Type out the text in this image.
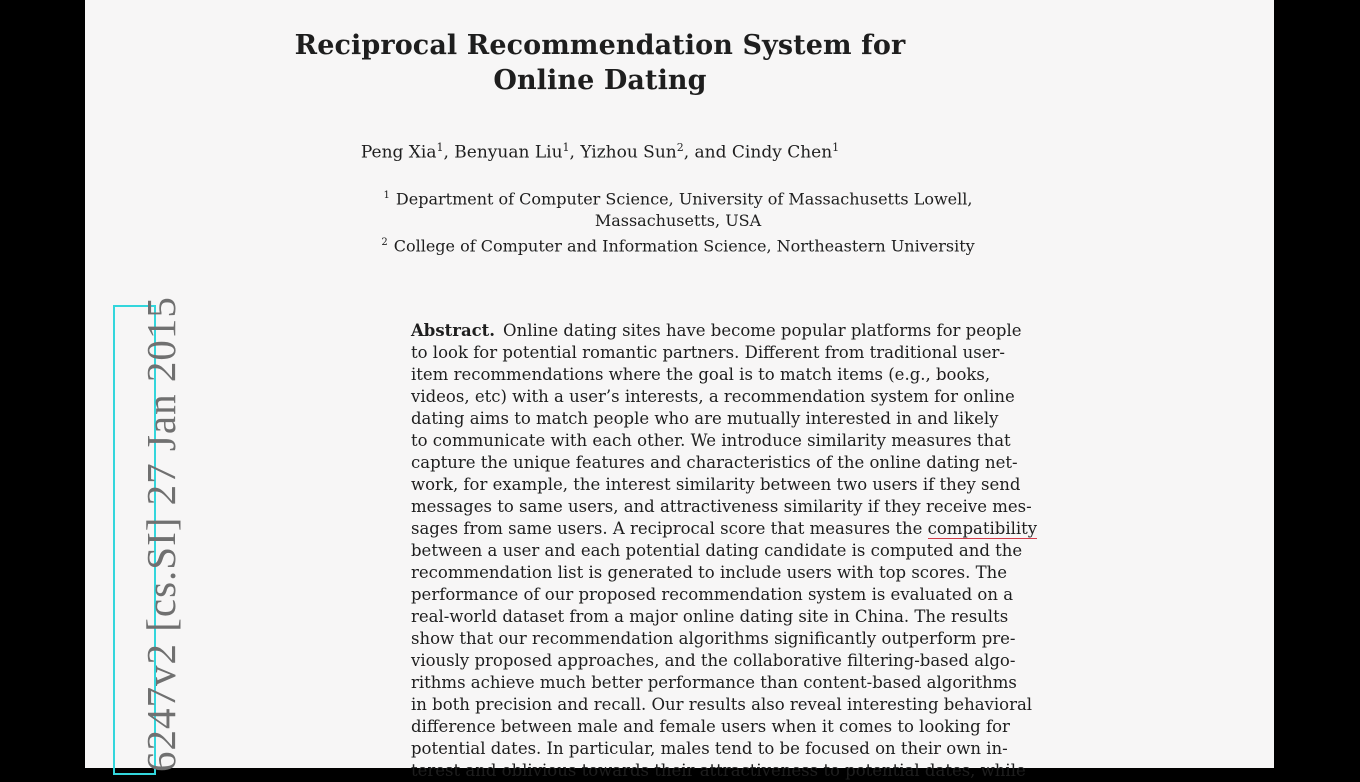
Reciprocal Recommendation System for Online Dating
Peng Xia$^1$, Benyuan Liu$^1$, Yizhou Sun$^2$, and Cindy Chen$^1$
$^1$ Department of Computer Science, University of Massachusetts Lowell,
Massachusetts, USA
$^2$ College of Computer and Information Science, Northeastern University
6247v2 [cs.SI] 27 Jan 2015	Abstract. Online dating sites have become popular platforms for people
to look for potential romantic partners. Different from traditional user-
item recommendations where the goal is to match items (e.g., books,
videos, etc) with a user’s interests, a recommendation system for online
dating aims to match people who are mutually interested in and likely
to communicate with each other. We introduce similarity measures that
capture the unique features and characteristics of the online dating net-
work, for example, the interest similarity between two users if they send
messages to same users, and attractiveness similarity if they receive mes-
sages from same users. A reciprocal score that measures the compatibility
between a user and each potential dating candidate is computed and the
recommendation list is generated to include users with top scores. The
performance of our proposed recommendation system is evaluated on a
real-world dataset from a major online dating site in China. The results
show that our recommendation algorithms significantly outperform pre-
viously proposed approaches, and the collaborative filtering-based algo-
rithms achieve much better performance than content-based algorithms
in both precision and recall. Our results also reveal interesting behavioral
difference between male and female users when it comes to looking for
potential dates. In particular, males tend to be focused on their own in-
terest and oblivious towards their attractiveness to potential dates, while
